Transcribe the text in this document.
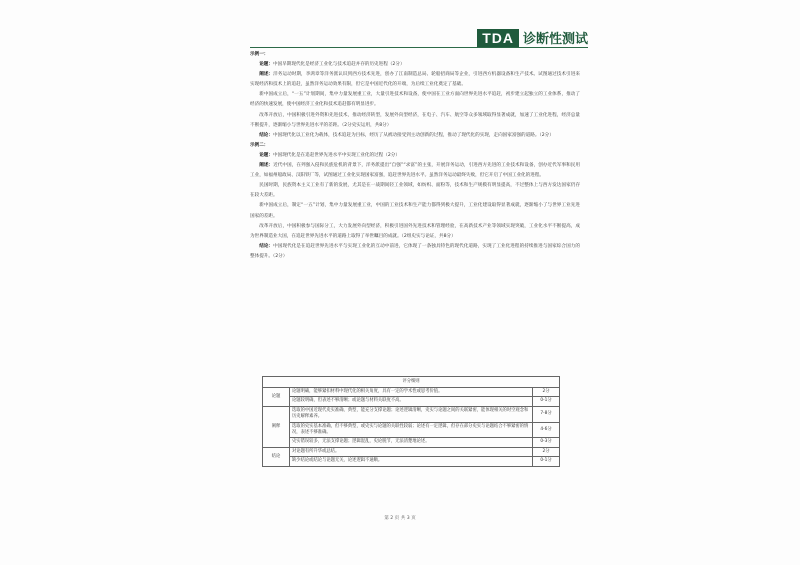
TDA 诊断性测试

示例一：

论题：中国早期现代化是经济工业化与技术追赶并存的历史进程（2分）

阐述：洋务运动时期，李鸿章等洋务派认识到西方技术先进，创办了江南制造总局、轮船招商局等企业，引进西方机器设备和生产技术。试图通过技术引进来实现经济和技术上的追赶，虽然洋务运动效果有限，但它是中国近代化的开端，为后续工业化奠定了基础。

新中国成立后，“一五”计划期间，集中力量发展重工业，大量引进技术和设备，使中国在工业方面向世界先进水平追赶，初步建立起独立的工业体系，推动了经济的快速发展，使中国经济工业化和技术追赶都有明显进步。

改革开放后，中国积极引进外资和先进技术，推动经济转型，发展外向型经济，在电子、汽车、航空等众多领域取得显著成就，加速了工业化进程，经济总量不断提升，逐渐缩小与世界先进水平的差距。（2分史实运用，共8分）

结论：中国现代化以工业化为载体，技术追赶为目标，经历了从被动接受到主动创新的过程，推动了现代化的实现，走向国家富强的道路。（2分）

示例二：

论题：中国现代化是在追赶世界先进水平中实现工业化的过程（2分）

阐述：近代中国，在列强入侵和民族危机的背景下，洋务派提出“自强”“求富”的主张，开展洋务运动，引进西方先进的工业技术和设备，创办近代军事和民用工业，如福州船政局、汉阳铁厂等，试图通过工业化实现国家富强，追赶世界先进水平。虽然洋务运动最终失败，但它开启了中国工业化的进程。

民国时期，民族资本主义工业有了新的发展，尤其是在一战期间轻工业领域，如纺织、面粉等，技术和生产规模有明显提高，不过整体上与西方发达国家仍存在较大差距。

新中国成立后，制定“一五”计划，集中力量发展重工业，中国的工业技术和生产能力都得到极大提升，工业化建设取得显著成就，逐渐缩小了与世界工业先进国家的差距。

改革开放后，中国积极参与国际分工，大力发展外向型经济，积极引进国外先进技术和管理经验，在高新技术产业等领域实现突破，工业化水平不断提高，成为世界制造业大国，在追赶世界先进水平的道路上取得了举世瞩目的成就。（2组史实与论证，共8分）

结论：中国现代化是在追赶世界先进水平与实现工业化的互动中前进，它体现了一条独具特色的现代化道路，实现了工业化进程的持续推进与国家综合国力的整体提升。（2分）

评分细则		
论题	论题明确，能够紧扣材料中现代化的相关角度，具有一定的学术性或思考价值。	2分
	论题较明确，但表述不够清晰；或论题与材料关联度不高。	0-1分
阐释	选取的中国近现代史实准确、典型，能充分支撑论题；论述逻辑清晰，史实与论题之间的关联紧密，能体现相关的时空观念和历史解释素养。	7-8分
	选取的史实基本准确，但不够典型，或史实与论题的关联性较弱；论述有一定逻辑，但存在部分史实与论题结合不够紧密的情况，表述不够准确。	4-6分
	史实错误较多，无法支撑论题；逻辑混乱，史论脱节，无法清楚地论述。	0-3分
结论	对论题有所升华或总结。	2分
	缺少结论或结论与论题无关，论述逻辑不通顺。	0-1分
第 2 页 共 3 页
